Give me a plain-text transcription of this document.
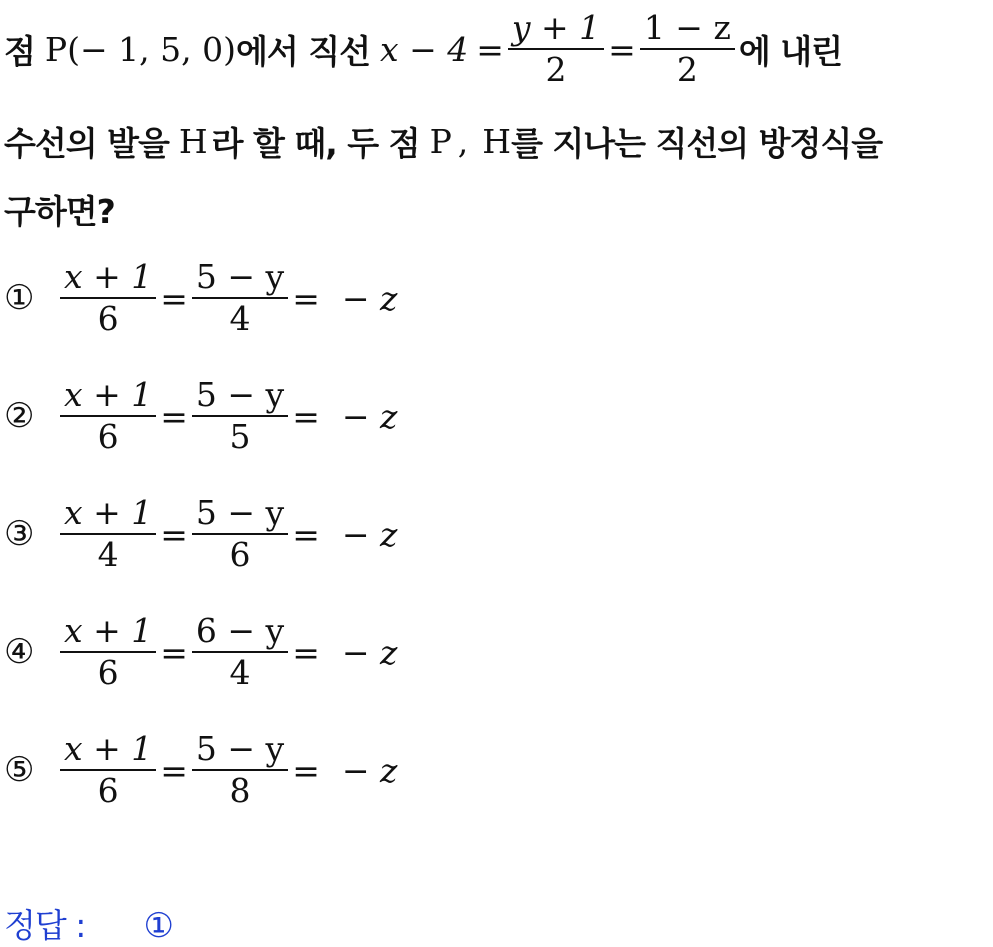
점 P (− 1, 5, 0) 에서 직선 $x - 4 = \frac{y + 1}{2} = \frac{1 - z}{2}$ 에 내린
수선의 발을 H 라 할 때, 두 점 P , H 를 지나는 직선의 방정식을
구하면?
① $\frac{x + 1}{6} = \frac{5 - y}{4}$ = − z
② $\frac{x + 1}{6} = \frac{5 - y}{5}$ = − z
③ $\frac{x + 1}{4} = \frac{5 - y}{6}$ = − z
④ $\frac{x + 1}{6} = \frac{6 - y}{4}$ = − z
⑤ $\frac{x + 1}{6} = \frac{5 - y}{8}$ = − z
정답 : ①
